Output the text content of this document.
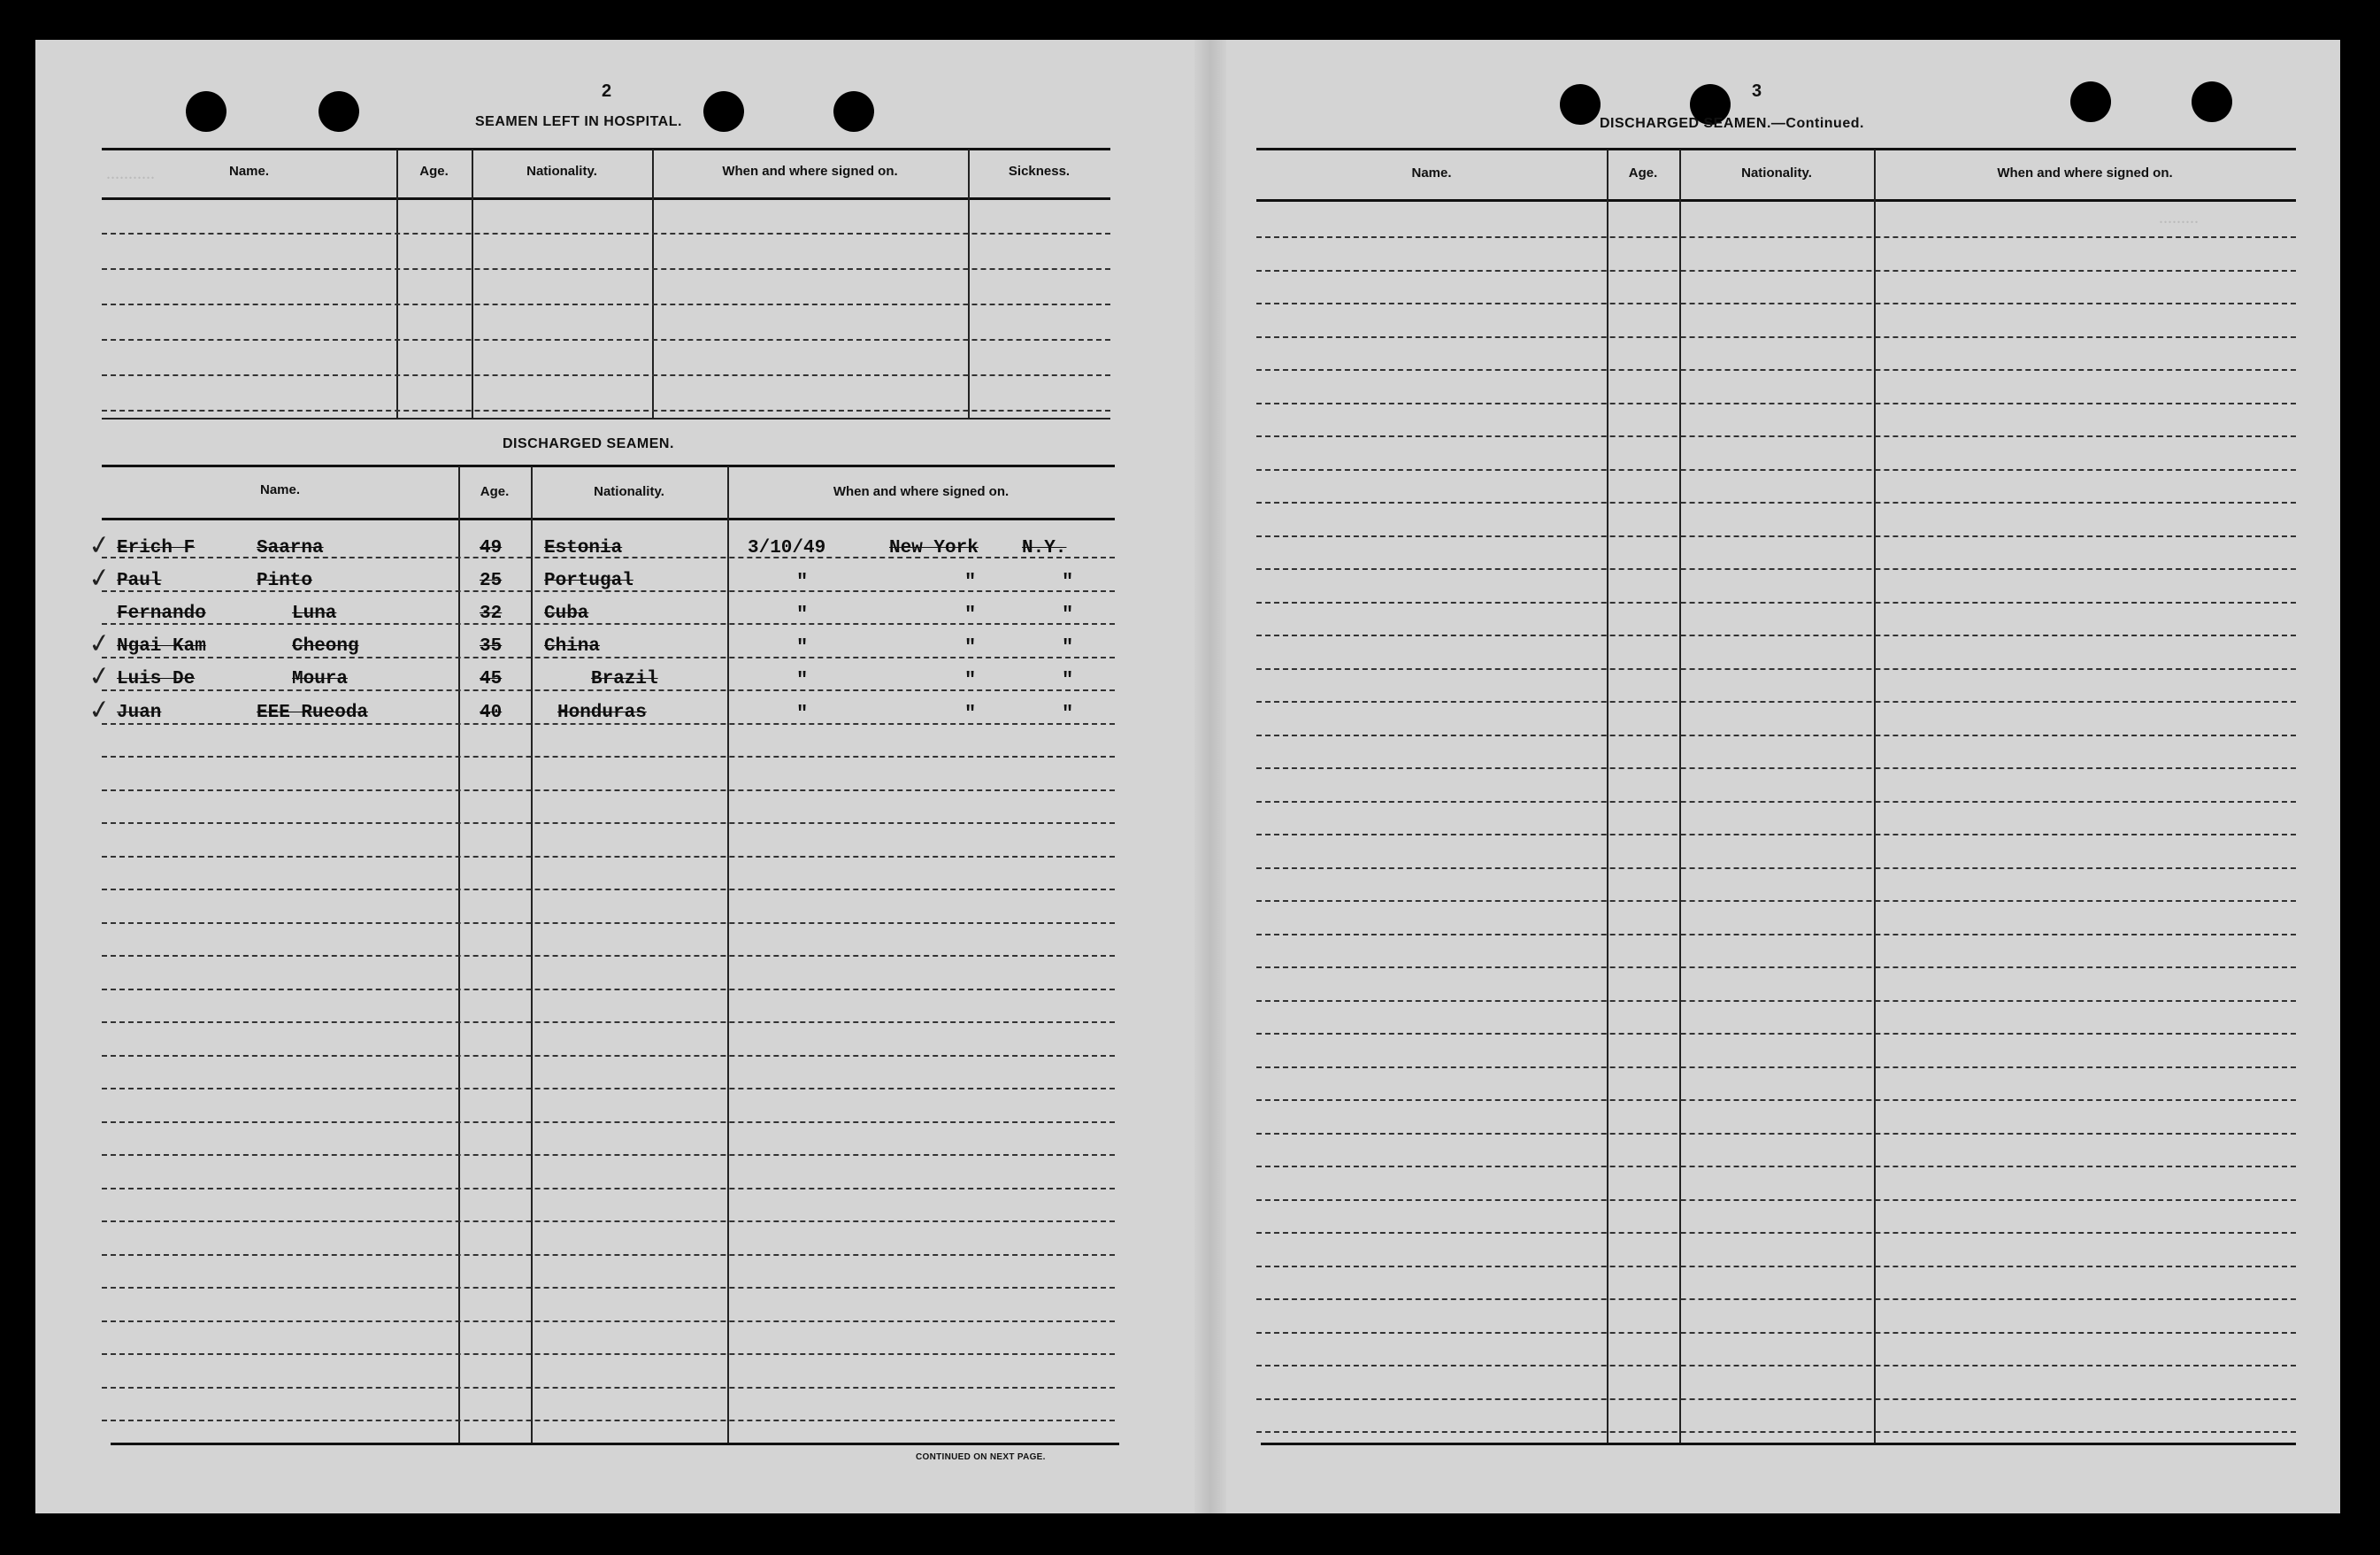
...........
.........
2
SEAMEN LEFT IN HOSPITAL.
Name.	Age.	Nationality.	When and where signed on.	Sickness.
DISCHARGED SEAMEN.
Name.	Age.	Nationality.	When and where signed on.
✓ Erich F	Saarna	49 Estonia	3/10/49	New York N.Y.
✓ Paul	Pinto	25 Portugal	"	"	"
Fernando	Luna	32 Cuba	"	"	"
✓ Ngai Kam	Cheong	35 China	"	"	"
✓ Luis De	Moura	45	Brazil	"	"	"
✓ Juan	EEE Rueoda	40	Honduras	"	"	"
CONTINUED ON NEXT PAGE.
3
DISCHARGED SEAMEN.—Continued.
Name.	Age.	Nationality.	When and where signed on.
